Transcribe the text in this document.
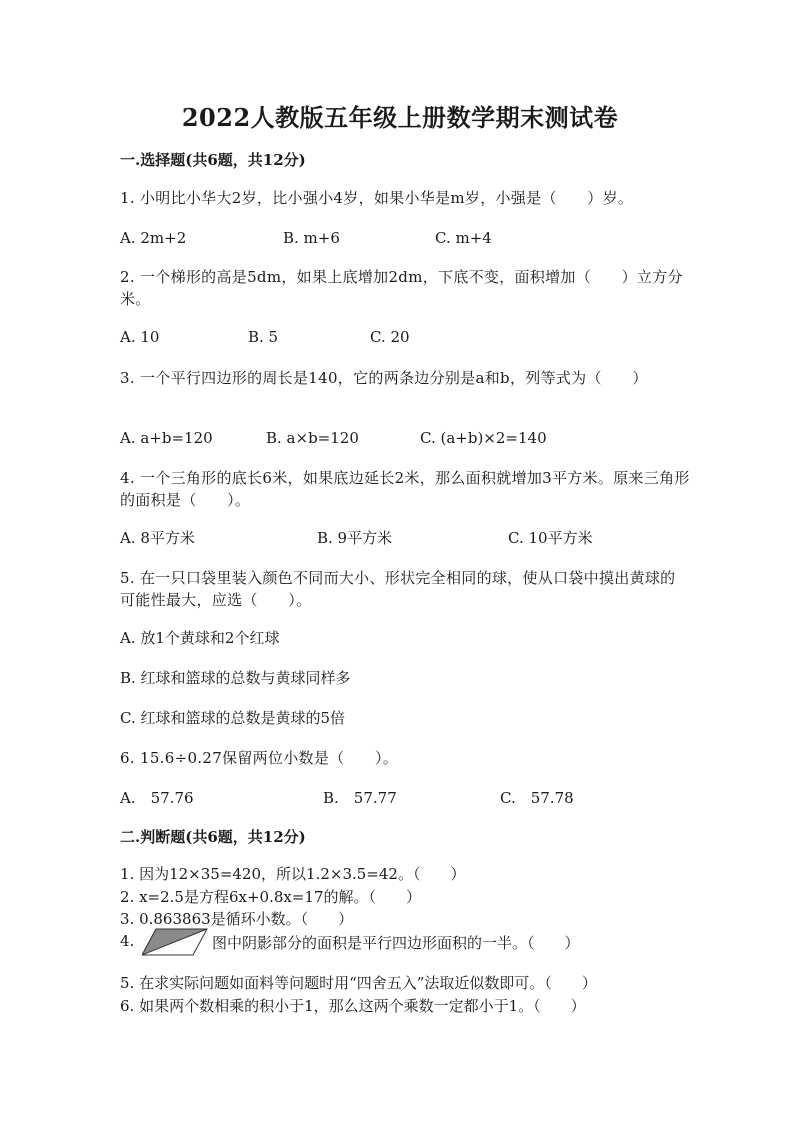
2022人教版五年级上册数学期末测试卷
一.选择题(共6题，共12分)
1. 小明比小华大2岁，比小强小4岁，如果小华是m岁，小强是（　　）岁。
A. 2m+2	B. m+6	C. m+4
2. 一个梯形的高是5dm，如果上底增加2dm，下底不变，面积增加（　　）立方分米。
A. 10	B. 5	C. 20
3. 一个平行四边形的周长是140，它的两条边分别是a和b，列等式为（　　）
A. a+b=120	B. a×b=120	C. (a+b)×2=140
4. 一个三角形的底长6米，如果底边延长2米，那么面积就增加3平方米。原来三角形的面积是（　　）。
A. 8平方米	B. 9平方米	C. 10平方米
5. 在一只口袋里装入颜色不同而大小、形状完全相同的球，使从口袋中摸出黄球的可能性最大，应选（　　）。
A. 放1个黄球和2个红球
B. 红球和篮球的总数与黄球同样多
C. 红球和篮球的总数是黄球的5倍
6. 15.6÷0.27保留两位小数是（　　）。
A.　57.76	B.　57.77	C.　57.78
二.判断题(共6题，共12分)
1. 因为12×35=420，所以1.2×3.5=42。（　　）
2. x=2.5是方程6x+0.8x=17的解。（　　）
3. 0.863863是循环小数。（　　）
4.	图中阴影部分的面积是平行四边形面积的一半。（　　）
5. 在求实际问题如面料等问题时用“四舍五入”法取近似数即可。（　　）
6. 如果两个数相乘的积小于1，那么这两个乘数一定都小于1。（　　）
